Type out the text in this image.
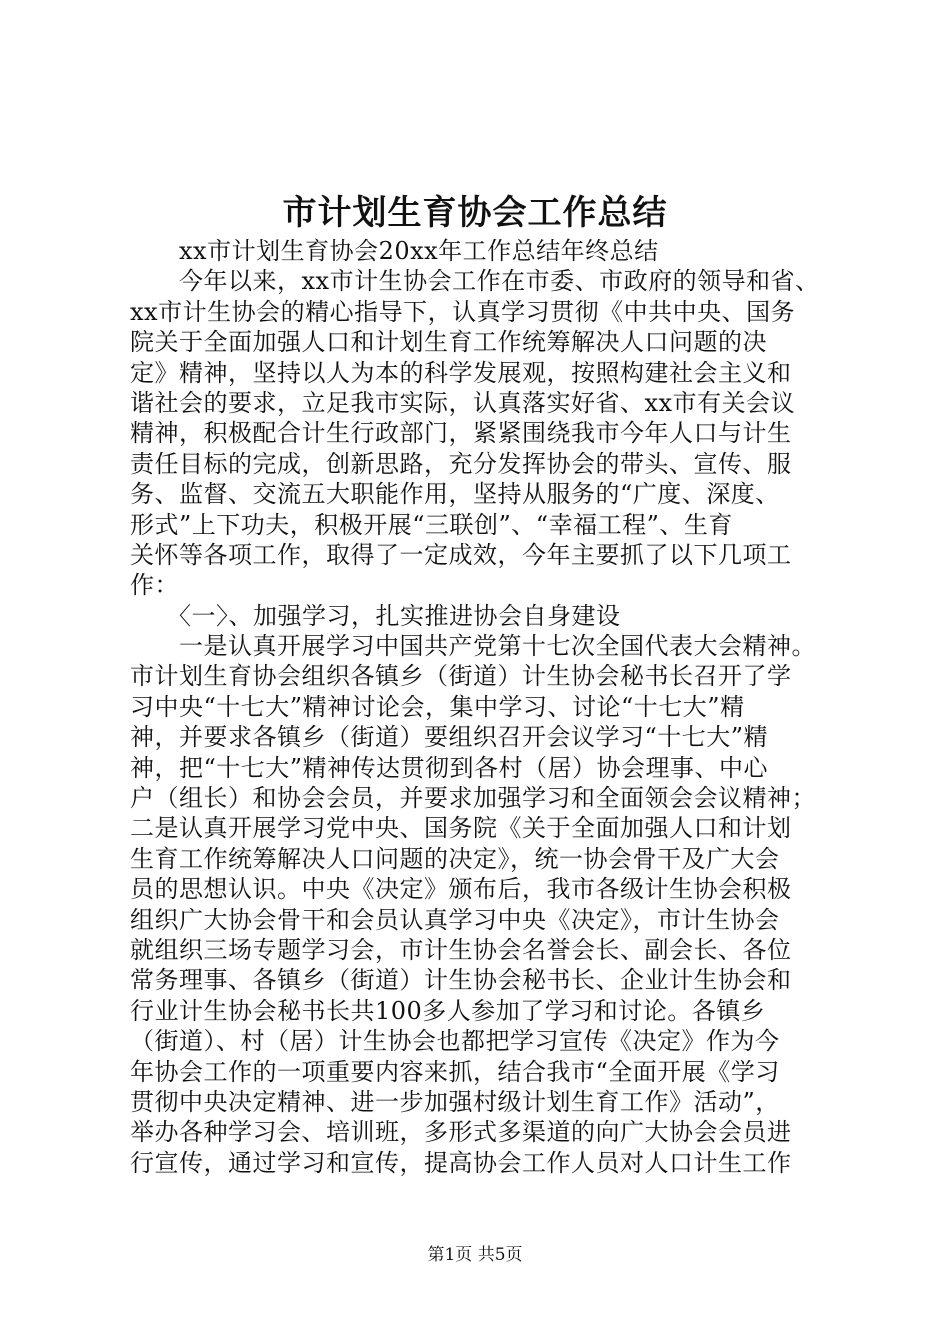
市计划生育协会工作总结
　　xx市计划生育协会20xx年工作总结年终总结
　　今年以来，xx市计生协会工作在市委、市政府的领导和省、
xx市计生协会的精心指导下，认真学习贯彻《中共中央、国务
院关于全面加强人口和计划生育工作统筹解决人口问题的决
定》精神，坚持以人为本的科学发展观，按照构建社会主义和
谐社会的要求，立足我市实际，认真落实好省、xx市有关会议
精神，积极配合计生行政部门，紧紧围绕我市今年人口与计生
责任目标的完成，创新思路，充分发挥协会的带头、宣传、服
务、监督、交流五大职能作用，坚持从服务的“广度、深度、
形式”上下功夫，积极开展“三联创”、“幸福工程”、生育
关怀等各项工作，取得了一定成效，今年主要抓了以下几项工
作：
　　〈一〉、加强学习，扎实推进协会自身建设
　　一是认真开展学习中国共产党第十七次全国代表大会精神。
市计划生育协会组织各镇乡（街道）计生协会秘书长召开了学
习中央“十七大”精神讨论会，集中学习、讨论“十七大”精
神，并要求各镇乡（街道）要组织召开会议学习“十七大”精
神，把“十七大”精神传达贯彻到各村（居）协会理事、中心
户（组长）和协会会员，并要求加强学习和全面领会会议精神；
二是认真开展学习党中央、国务院《关于全面加强人口和计划
生育工作统筹解决人口问题的决定》，统一协会骨干及广大会
员的思想认识。中央《决定》颁布后，我市各级计生协会积极
组织广大协会骨干和会员认真学习中央《决定》，市计生协会
就组织三场专题学习会，市计生协会名誉会长、副会长、各位
常务理事、各镇乡（街道）计生协会秘书长、企业计生协会和
行业计生协会秘书长共100多人参加了学习和讨论。各镇乡
（街道）、村（居）计生协会也都把学习宣传《决定》作为今
年协会工作的一项重要内容来抓，结合我市“全面开展《学习
贯彻中央决定精神、进一步加强村级计划生育工作》活动”，
举办各种学习会、培训班，多形式多渠道的向广大协会会员进
行宣传，通过学习和宣传，提高协会工作人员对人口计生工作
第1页 共5页
